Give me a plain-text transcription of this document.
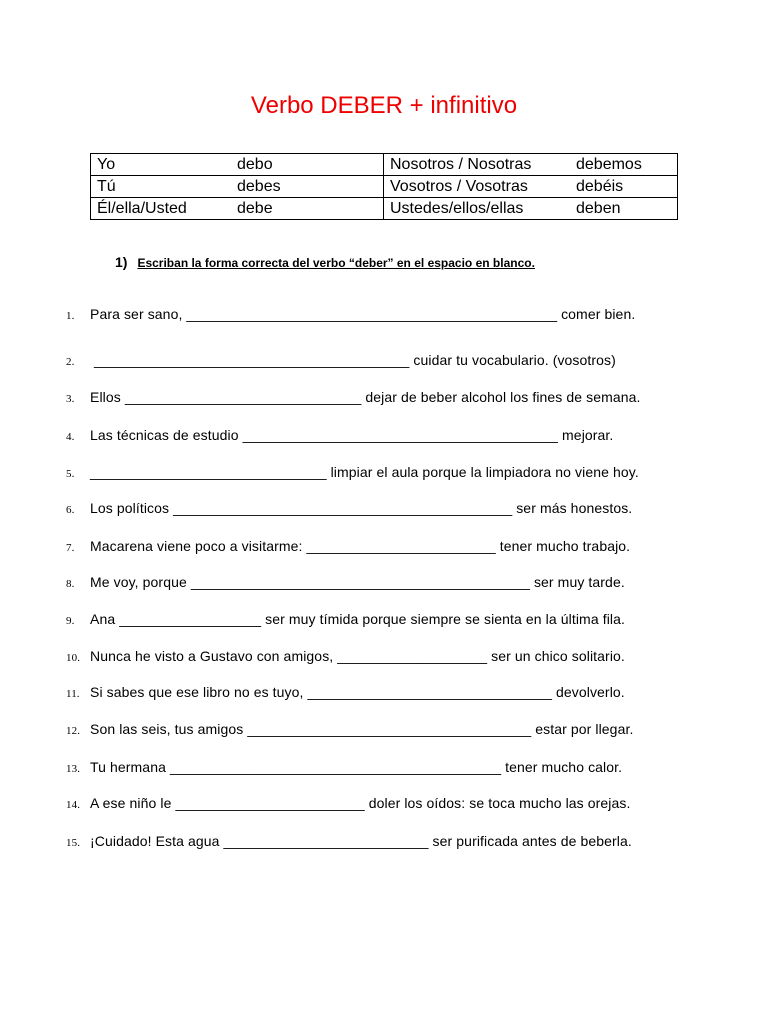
Verbo DEBER + infinitivo
Yo debo	Nosotros / Nosotras debemos
Tú debes	Vosotros / Vosotras debéis
Él/ella/Usted debe	Ustedes/ellos/ellas deben
1) Escriban la forma correcta del verbo “deber” en el espacio en blanco.
1. Para ser sano, _______________________________________________ comer bien.
2. ________________________________________ cuidar tu vocabulario. (vosotros)
3. Ellos ______________________________ dejar de beber alcohol los fines de semana.
4. Las técnicas de estudio ________________________________________ mejorar.
5. ______________________________ limpiar el aula porque la limpiadora no viene hoy.
6. Los políticos ___________________________________________ ser más honestos.
7. Macarena viene poco a visitarme: ________________________ tener mucho trabajo.
8. Me voy, porque ___________________________________________ ser muy tarde.
9. Ana __________________ ser muy tímida porque siempre se sienta en la última fila.
10. Nunca he visto a Gustavo con amigos, ___________________ ser un chico solitario.
11. Si sabes que ese libro no es tuyo, _______________________________ devolverlo.
12. Son las seis, tus amigos ____________________________________ estar por llegar.
13. Tu hermana __________________________________________ tener mucho calor.
14. A ese niño le ________________________ doler los oídos: se toca mucho las orejas.
15. ¡Cuidado! Esta agua __________________________ ser purificada antes de beberla.
